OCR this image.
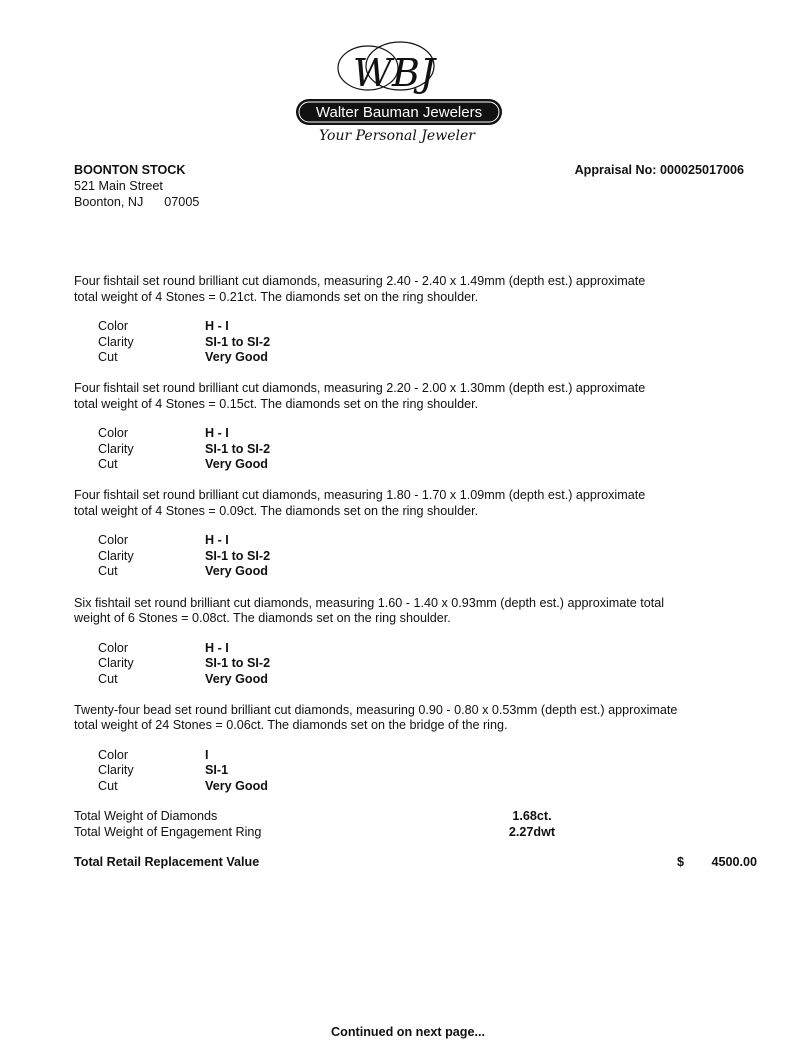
WBJ
Walter Bauman Jewelers
Your Personal Jeweler
BOONTON STOCK
521 Main Street
Boonton, NJ      07005
Appraisal No: 000025017006
Four fishtail set round brilliant cut diamonds, measuring 2.40 - 2.40 x 1.49mm (depth est.) approximate
total weight of 4 Stones = 0.21ct. The diamonds set on the ring shoulder.
Color	H - I
Clarity	SI-1 to SI-2
Cut	Very Good
Four fishtail set round brilliant cut diamonds, measuring 2.20 - 2.00 x 1.30mm (depth est.) approximate
total weight of 4 Stones = 0.15ct. The diamonds set on the ring shoulder.
Color	H - I
Clarity	SI-1 to SI-2
Cut	Very Good
Four fishtail set round brilliant cut diamonds, measuring 1.80 - 1.70 x 1.09mm (depth est.) approximate
total weight of 4 Stones = 0.09ct. The diamonds set on the ring shoulder.
Color	H - I
Clarity	SI-1 to SI-2
Cut	Very Good
Six fishtail set round brilliant cut diamonds, measuring 1.60 - 1.40 x 0.93mm (depth est.) approximate total
weight of 6 Stones = 0.08ct. The diamonds set on the ring shoulder.
Color	H - I
Clarity	SI-1 to SI-2
Cut	Very Good
Twenty-four bead set round brilliant cut diamonds, measuring 0.90 - 0.80 x 0.53mm (depth est.) approximate
total weight of 24 Stones = 0.06ct. The diamonds set on the bridge of the ring.
Color	I
Clarity	SI-1
Cut	Very Good
Total Weight of Diamonds	1.68ct.
Total Weight of Engagement Ring	2.27dwt
Total Retail Replacement Value	$ 4500.00
Continued on next page...
